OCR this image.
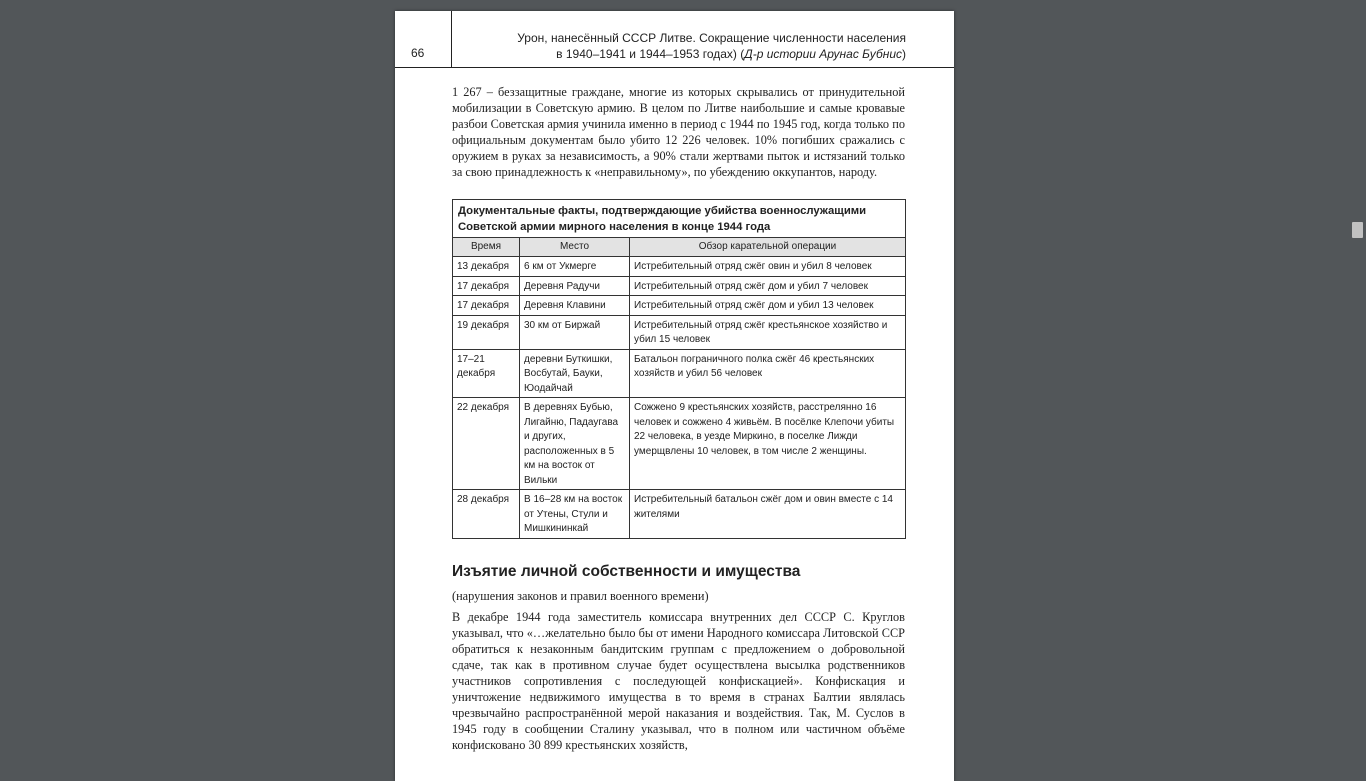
66
Урон, нанесённый СССР Литве. Сокращение численности населения
в 1940–1941 и 1944–1953 годах) (Д-р истории Арунас Бубнис)

1 267 – беззащитные граждане, многие из которых скрывались от принудительной мобилизации в Советскую армию. В целом по Литве наибольшие и самые кровавые разбои Советская армия учинила именно в период с 1944 по 1945 год, когда только по официальным документам было убито 12 226 человек. 10% погибших сражались с оружием в руках за независимость, а 90% стали жертвами пыток и истязаний только за свою принадлежность к «неправильному», по убеждению оккупантов, народу.

Документальные факты, подтверждающие убийства военнослужащими Советской армии мирного населения в конце 1944 года		
Время	Место	Обзор карательной операции
13 декабря	6 км от Укмерге	Истребительный отряд сжёг овин и убил 8 человек
17 декабря	Деревня Радучи	Истребительный отряд сжёг дом и убил 7 человек
17 декабря	Деревня Клавини	Истребительный отряд сжёг дом и убил 13 человек
19 декабря	30 км от Биржай	Истребительный отряд сжёг крестьянское хозяйство и убил 15 человек
17–21 декабря	деревни Буткишки, Восбутай, Бауки, Юодайчай	Батальон пограничного полка сжёг 46 крестьянских хозяйств и убил 56 человек
22 декабря	В деревнях Бубью, Лигайню, Падаугава и других, расположенных в 5 км на восток от Вильки	Сожжено 9 крестьянских хозяйств, расстрелянно 16 человек и сожжено 4 живьём. В посёлке Клепочи убиты 22 человека, в уезде Миркино, в поселке Лижди умерщвлены 10 человек, в том числе 2 женщины.
28 декабря	В 16–28 км на восток от Утены, Стули и Мишкининкай	Истребительный батальон сжёг дом и овин вместе с 14 жителями
Изъятие личной собственности и имущества
(нарушения законов и правил военного времени)

В декабре 1944 года заместитель комиссара внутренних дел СССР С. Круглов указывал, что «…желательно было бы от имени Народного комиссара Литовской ССР обратиться к незаконным бандитским группам с предложением о добровольной сдаче, так как в противном случае будет осуществлена высылка родственников участников сопротивления с последующей конфискацией». Конфискация и уничтожение недвижимого имущества в то время в странах Балтии являлась чрезвычайно распространённой мерой наказания и воздействия. Так, М. Суслов в 1945 году в сообщении Сталину указывал, что в полном или частичном объёме конфисковано 30 899 крестьянских хозяйств,
